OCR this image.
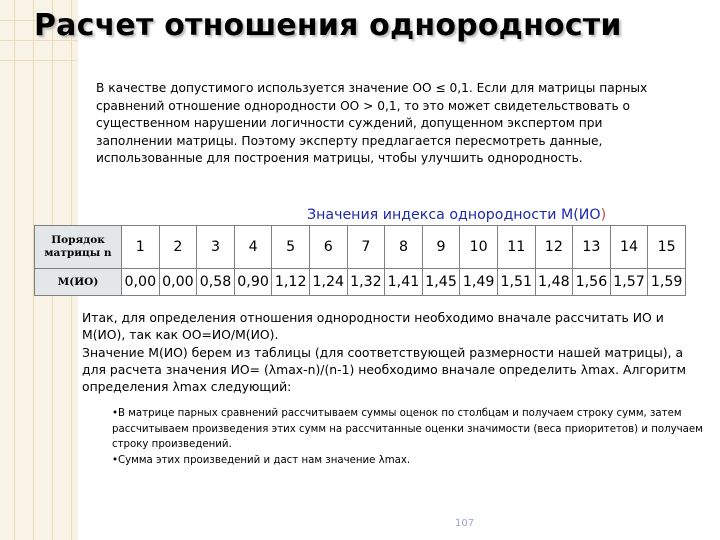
Расчет отношения однородности

В качестве допустимого используется значение ОО ≤ 0,1. Если для матрицы парных сравнений отношение однородности ОО > 0,1, то это может свидетельствовать о существенном нарушении логичности суждений, допущенном экспертом при заполнении матрицы. Поэтому эксперту предлагается пересмотреть данные, использованные для построения матрицы, чтобы улучшить однородность.

Значения индекса однородности М(ИО)
Порядок матрицы n	1	2	3	4	5	6	7	8	9	10	11	12	13	14	15
М(ИО)	0,00	0,00	0,58	0,90	1,12	1,24	1,32	1,41	1,45	1,49	1,51	1,48	1,56	1,57	1,59
Итак, для определения отношения однородности необходимо вначале рассчитать ИО и М(ИО), так как ОО=ИО/М(ИО).
Значение М(ИО) берем из таблицы (для соответствующей размерности нашей матрицы), а для расчета значения ИО= (λmax-n)/(n-1) необходимо вначале определить λmax. Алгоритм определения λmax следующий:
•В матрице парных сравнений рассчитываем суммы оценок по столбцам и получаем строку сумм, затем рассчитываем произведения этих сумм на рассчитанные оценки значимости (веса приоритетов) и получаем строку произведений.
•Сумма этих произведений и даст нам значение λmax.
107
